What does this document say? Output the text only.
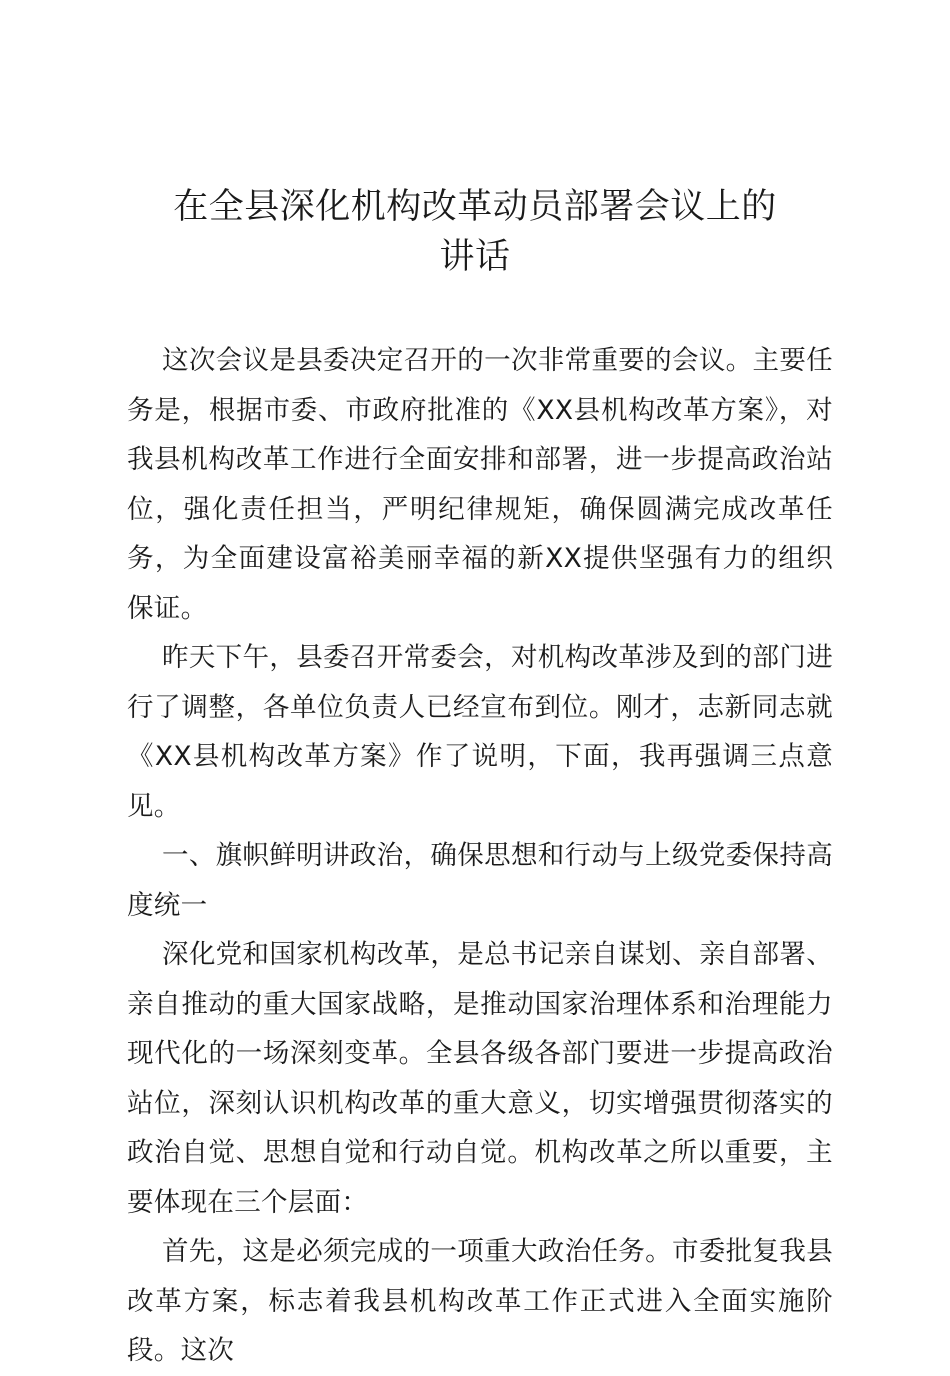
在全县深化机构改革动员部署会议上的
讲话

这次会议是县委决定召开的一次非常重要的会议。主要任务是，根据市委、市政府批准的《XX县机构改革方案》，对我县机构改革工作进行全面安排和部署，进一步提高政治站位，强化责任担当，严明纪律规矩，确保圆满完成改革任务，为全面建设富裕美丽幸福的新XX提供坚强有力的组织保证。

昨天下午，县委召开常委会，对机构改革涉及到的部门进行了调整，各单位负责人已经宣布到位。刚才，志新同志就《XX县机构改革方案》作了说明，下面，我再强调三点意见。

一、旗帜鲜明讲政治，确保思想和行动与上级党委保持高度统一

深化党和国家机构改革，是总书记亲自谋划、亲自部署、亲自推动的重大国家战略，是推动国家治理体系和治理能力现代化的一场深刻变革。全县各级各部门要进一步提高政治站位，深刻认识机构改革的重大意义，切实增强贯彻落实的政治自觉、思想自觉和行动自觉。机构改革之所以重要，主要体现在三个层面：

首先，这是必须完成的一项重大政治任务。市委批复我县改革方案，标志着我县机构改革工作正式进入全面实施阶段。这次
